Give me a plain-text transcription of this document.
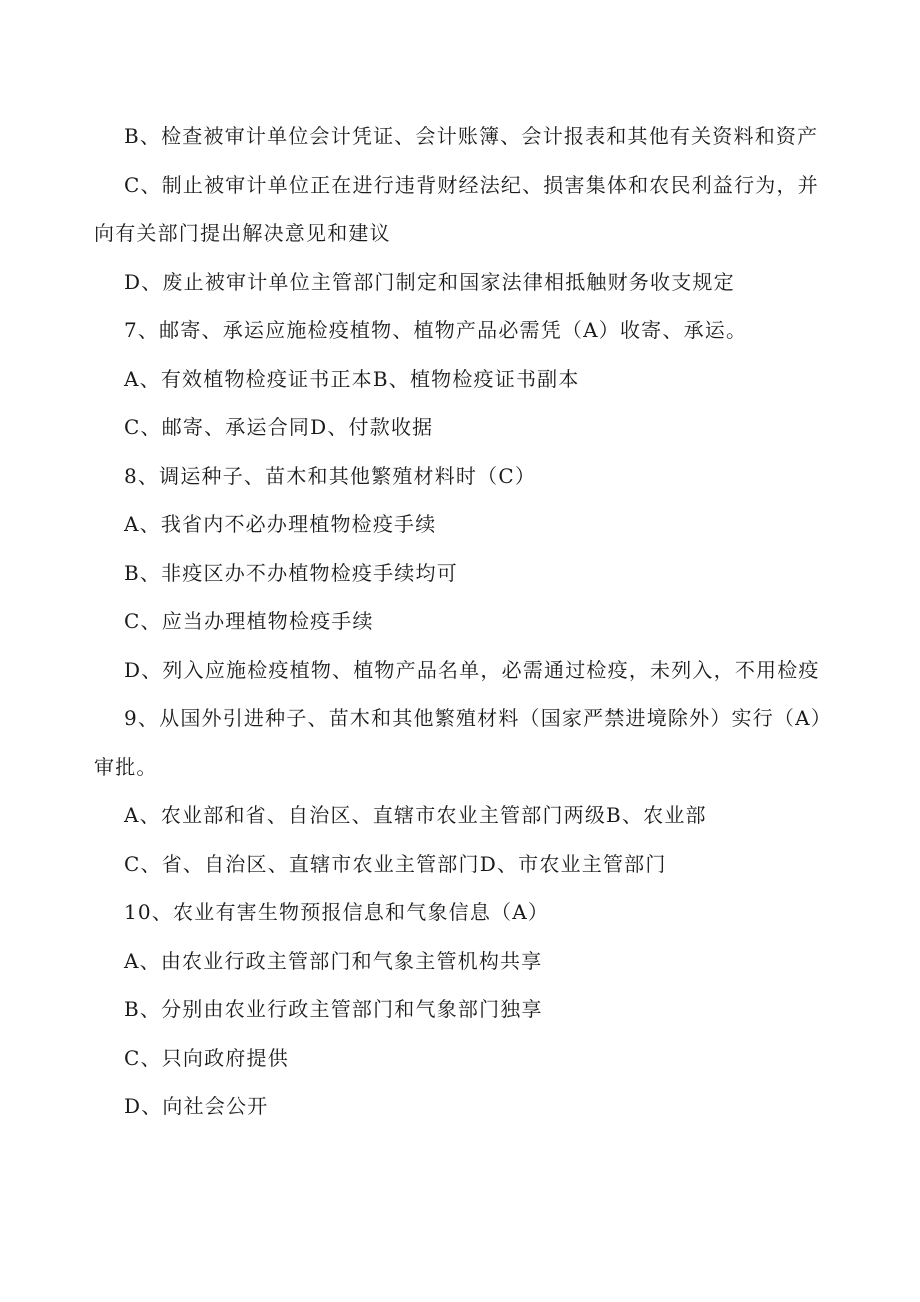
B、检查被审计单位会计凭证、会计账簿、会计报表和其他有关资料和资产

C、制止被审计单位正在进行违背财经法纪、损害集体和农民利益行为，并向有关部门提出解决意见和建议

D、废止被审计单位主管部门制定和国家法律相抵触财务收支规定

7、邮寄、承运应施检疫植物、植物产品必需凭（A）收寄、承运。

A、有效植物检疫证书正本B、植物检疫证书副本

C、邮寄、承运合同D、付款收据

8、调运种子、苗木和其他繁殖材料时（C）

A、我省内不必办理植物检疫手续

B、非疫区办不办植物检疫手续均可

C、应当办理植物检疫手续

D、列入应施检疫植物、植物产品名单，必需通过检疫，未列入，不用检疫

9、从国外引进种子、苗木和其他繁殖材料（国家严禁进境除外）实行（A）审批。

A、农业部和省、自治区、直辖市农业主管部门两级B、农业部

C、省、自治区、直辖市农业主管部门D、市农业主管部门

10、农业有害生物预报信息和气象信息（A）

A、由农业行政主管部门和气象主管机构共享

B、分别由农业行政主管部门和气象部门独享

C、只向政府提供

D、向社会公开
